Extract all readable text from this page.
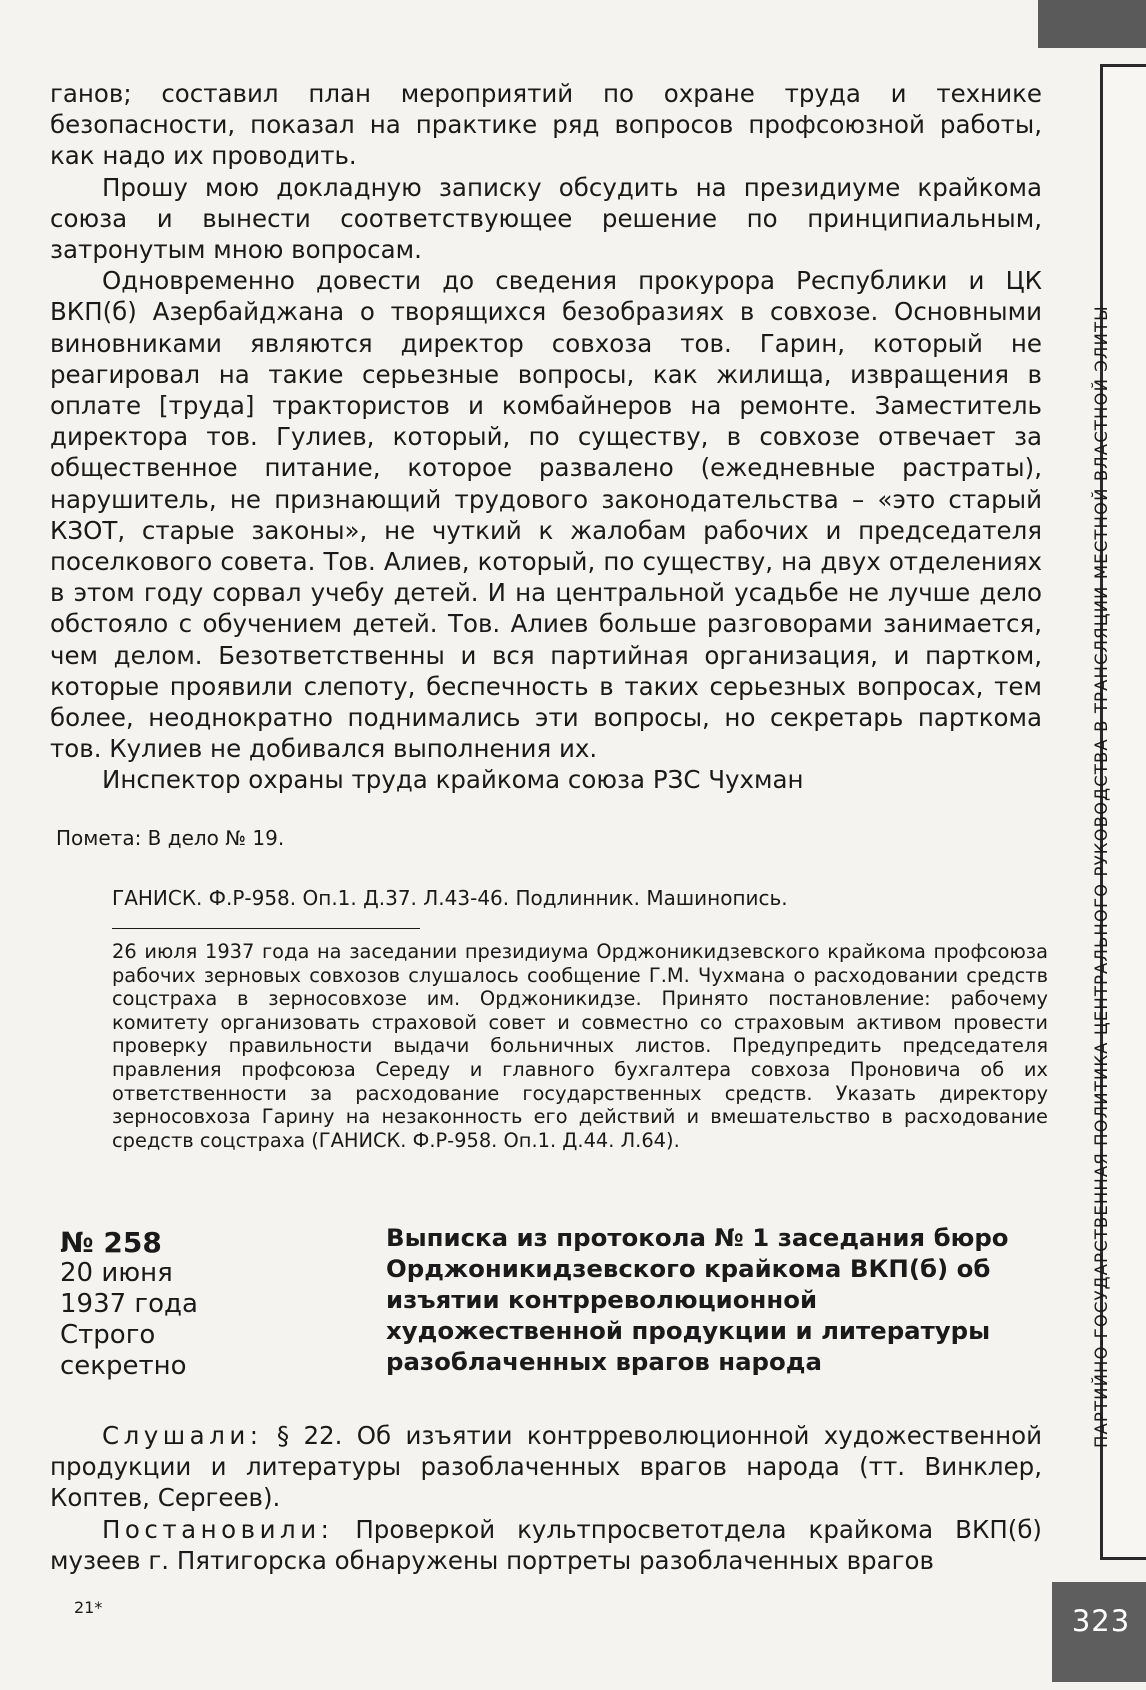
ПАРТИЙНО-ГОСУДАРСТВЕННАЯ ПОЛИТИКА ЦЕНТРАЛЬНОГО РУКОВОДСТВА В ТРАНСЛЯЦИИ МЕСТНОЙ ВЛАСТНОЙ ЭЛИТЫ
323

ганов; составил план мероприятий по охране труда и технике безопасности, показал на практике ряд вопросов профсоюзной работы, как надо их проводить.

Прошу мою докладную записку обсудить на президиуме крайкома союза и вынести соответствующее решение по принципиальным, затронутым мною вопросам.

Одновременно довести до сведения прокурора Республики и ЦК ВКП(б) Азербайджана о творящихся безобразиях в совхозе. Основными виновниками являются директор совхоза тов. Гарин, который не реагировал на такие серьезные вопросы, как жилища, извращения в оплате [труда] трактористов и комбайнеров на ремонте. Заместитель директора тов. Гулиев, который, по существу, в совхозе отвечает за общественное питание, которое развалено (ежедневные растраты), нарушитель, не признающий трудового законодательства – «это старый КЗОТ, старые законы», не чуткий к жалобам рабочих и председателя поселкового совета. Тов. Алиев, который, по существу, на двух отделениях в этом году сорвал учебу детей. И на центральной усадьбе не лучше дело обстояло с обучением детей. Тов. Алиев больше разговорами занимается, чем делом. Безответственны и вся партийная организация, и партком, которые проявили слепоту, беспечность в таких серьезных вопросах, тем более, неоднократно поднимались эти вопросы, но секретарь парткома тов. Кулиев не добивался выполнения их.

Инспектор охраны труда крайкома союза РЗС Чухман

Помета: В дело № 19.
ГАНИСК. Ф.Р-958. Оп.1. Д.37. Л.43-46. Подлинник. Машинопись.

26 июля 1937 года на заседании президиума Орджоникидзевского крайкома профсоюза рабочих зерновых совхозов слушалось сообщение Г.М. Чухмана о расходовании средств соцстраха в зерносовхозе им. Орджоникидзе. Принято постановление: рабочему комитету организовать страховой совет и совместно со страховым активом провести проверку правильности выдачи больничных листов. Предупредить председателя правления профсоюза Середу и главного бухгалтера совхоза Проновича об их ответственности за расходование государственных средств. Указать директору зерносовхоза Гарину на незаконность его действий и вмешательство в расходование средств соцстраха (ГАНИСК. Ф.Р-958. Оп.1. Д.44. Л.64).

№ 258
20 июня
1937 года
Строго
секретно
Выписка из протокола № 1 заседания бюро Орджоникидзевского крайкома ВКП(б) об изъятии контрреволюционной художественной продукции и литературы разоблаченных врагов народа

Слушали: § 22. Об изъятии контрреволюционной художественной продукции и литературы разоблаченных врагов народа (тт. Винклер, Коптев, Сергеев).

Постановили: Проверкой культпросветотдела крайкома ВКП(б) музеев г. Пятигорска обнаружены портреты разоблаченных врагов

21*
